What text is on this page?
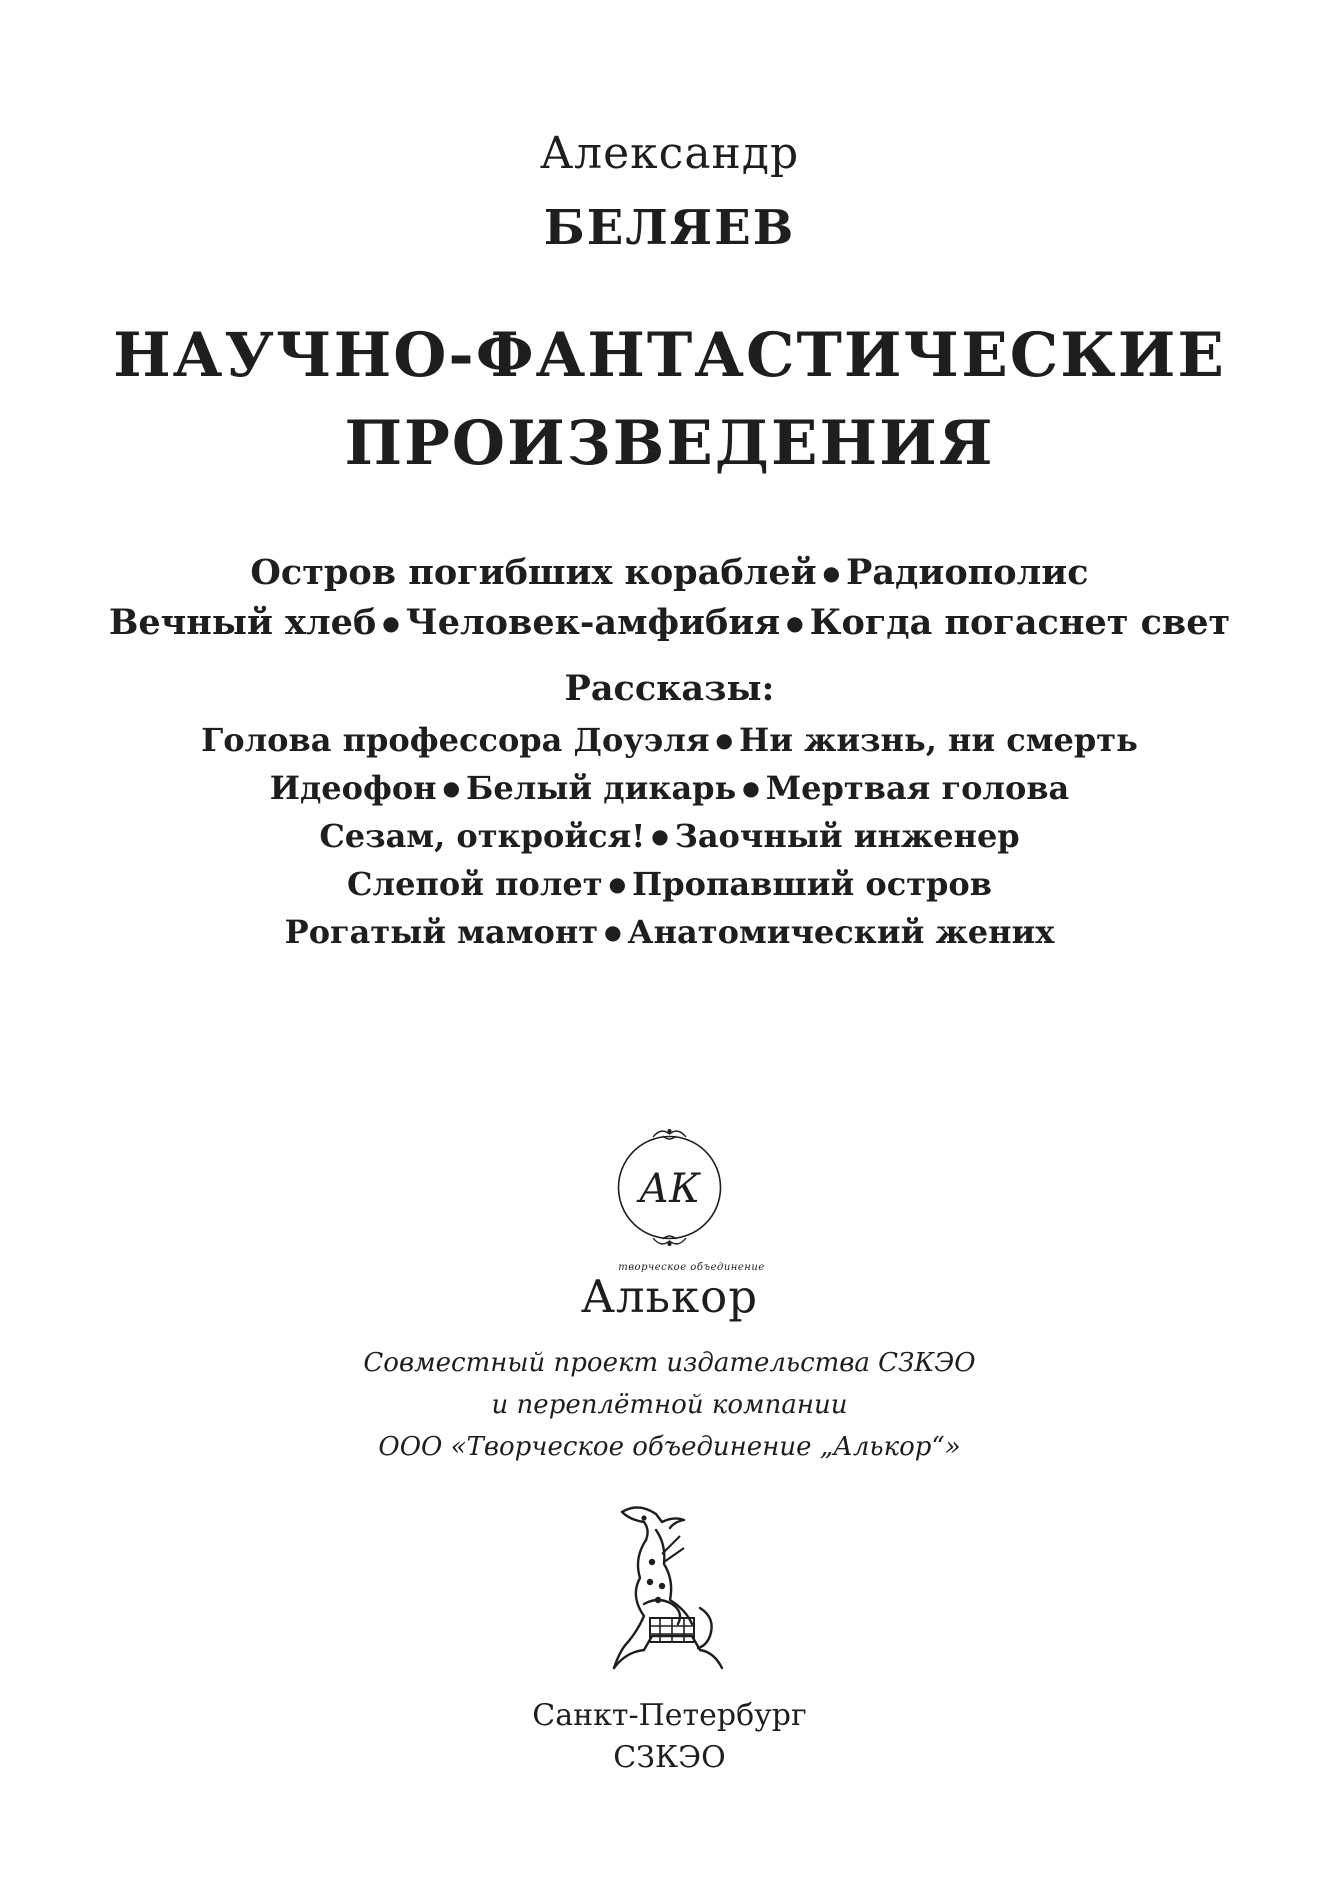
Александр
БЕЛЯЕВ
НАУЧНО-ФАНТАСТИЧЕСКИЕ
ПРОИЗВЕДЕНИЯ
Остров погибших кораблей ● Радиополис
Вечный хлеб ● Человек-амфибия ● Когда погаснет свет
Рассказы:
Голова профессора Доуэля ● Ни жизнь, ни смерть
Идеофон ● Белый дикарь ● Мертвая голова
Сезам, откройся! ● Заочный инженер
Слепой полет ● Пропавший остров
Рогатый мамонт ● Анатомический жених
АК
творческое объединение
Алькор
Совместный проект издательства СЗКЭО
и переплётной компании
ООО «Творческое объединение „Алькор“»
Санкт-Петербург
СЗКЭО
